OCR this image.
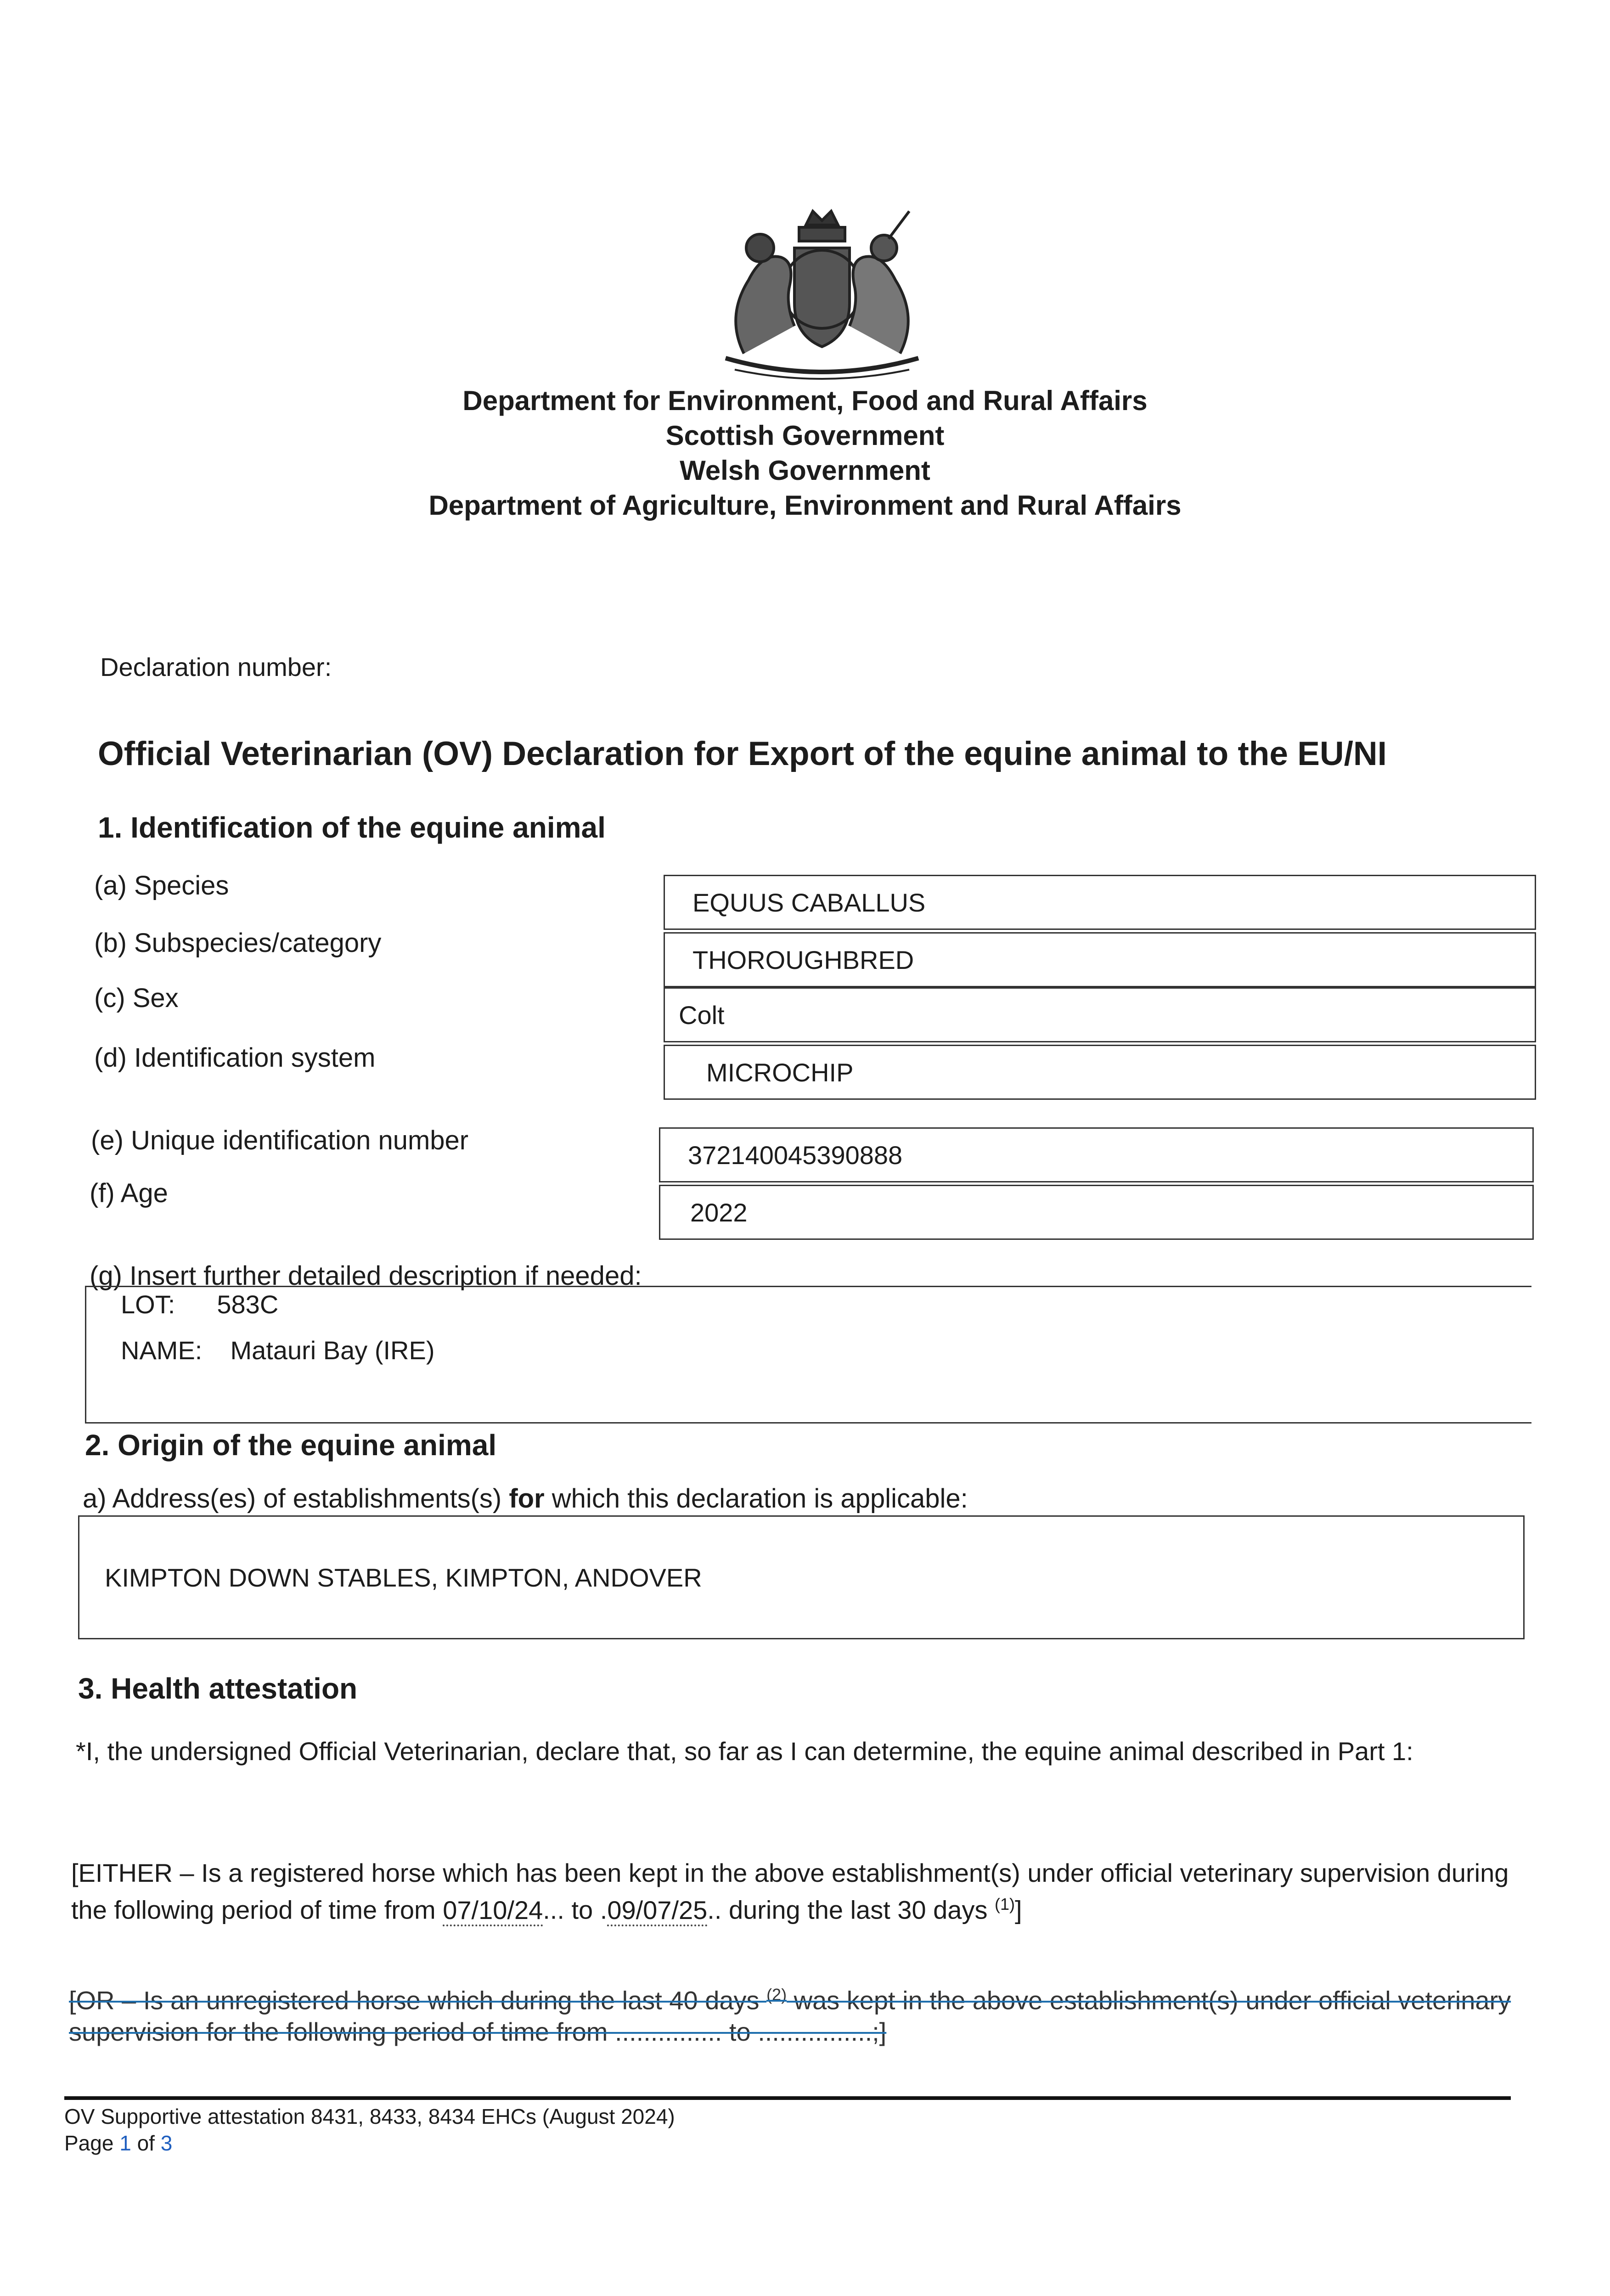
Department for Environment, Food and Rural Affairs
Scottish Government
Welsh Government
Department of Agriculture, Environment and Rural Affairs
Declaration number:
Official Veterinarian (OV) Declaration for Export of the equine animal to the EU/NI
1. Identification of the equine animal
(a) Species
EQUUS CABALLUS
(b) Subspecies/category
THOROUGHBRED
(c) Sex
Colt
(d) Identification system	MICROCHIP
(e) Unique identification number	372140045390888
(f) Age
2022
(g) Insert further detailed description if needed:
LOT: 583C
NAME: Matauri Bay (IRE)
2. Origin of the equine animal
a) Address(es) of establishments(s) for which this declaration is applicable:
KIMPTON DOWN STABLES, KIMPTON, ANDOVER
3. Health attestation
*I, the undersigned Official Veterinarian, declare that, so far as I can determine, the equine animal described in Part 1:
[EITHER – Is a registered horse which has been kept in the above establishment(s) under official veterinary supervision during the following period of time from 07/10/24... to .09/07/25.. during the last 30 days $^{(1)}$]
[OR – Is an unregistered horse which during the last 40 days $^{(2)}$ was kept in the above establishment(s) under official veterinary supervision for the following period of time from ............... to ................;]
OV Supportive attestation 8431, 8433, 8434 EHCs (August 2024)
Page 1 of 3
